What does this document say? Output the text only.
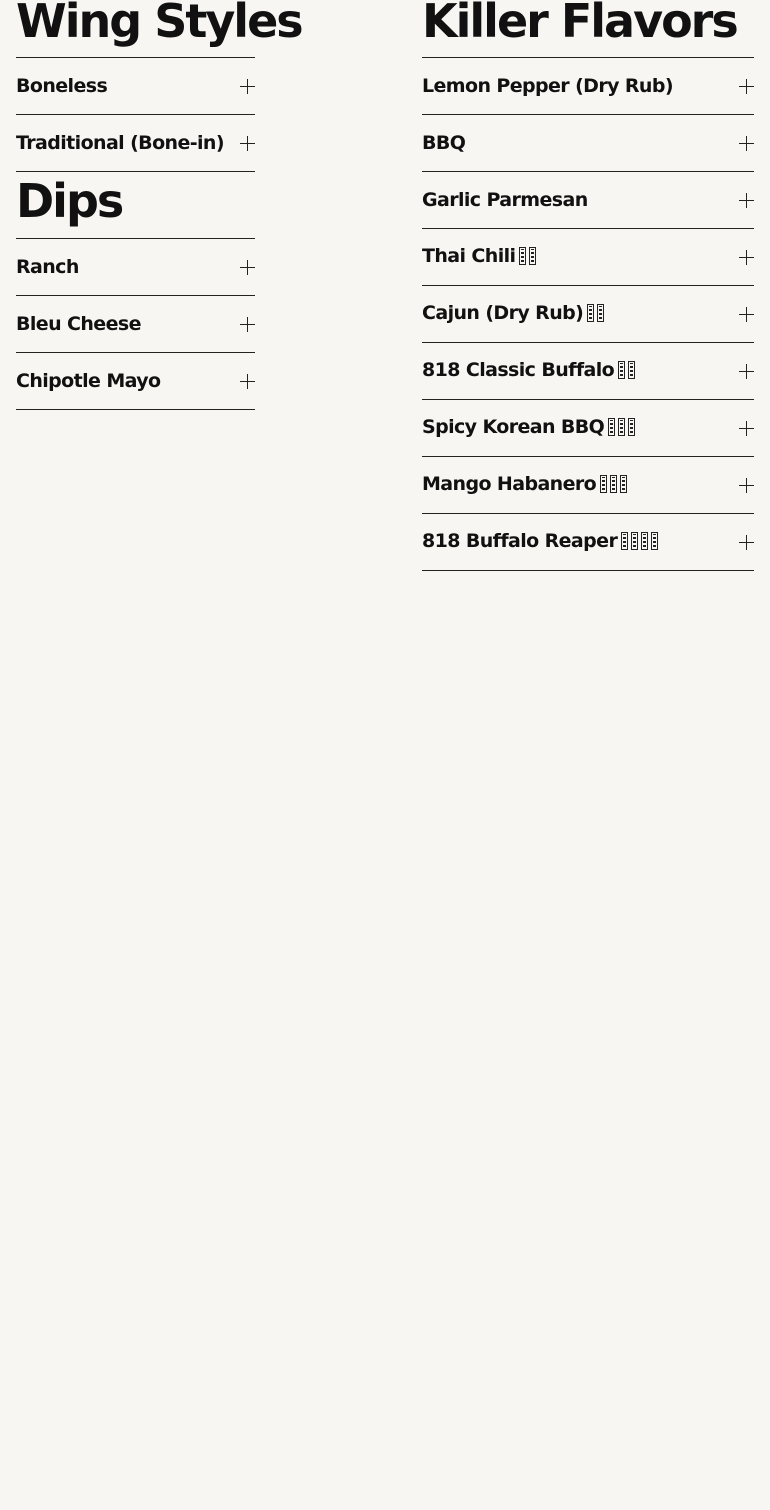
Wing Styles
Boneless
Traditional (Bone-in)
Dips
Ranch
Bleu Cheese
Chipotle Mayo
Killer Flavors
Lemon Pepper (Dry Rub)
BBQ
Garlic Parmesan
Thai Chili
Cajun (Dry Rub)
818 Classic Buffalo
Spicy Korean BBQ
Mango Habanero
818 Buffalo Reaper
